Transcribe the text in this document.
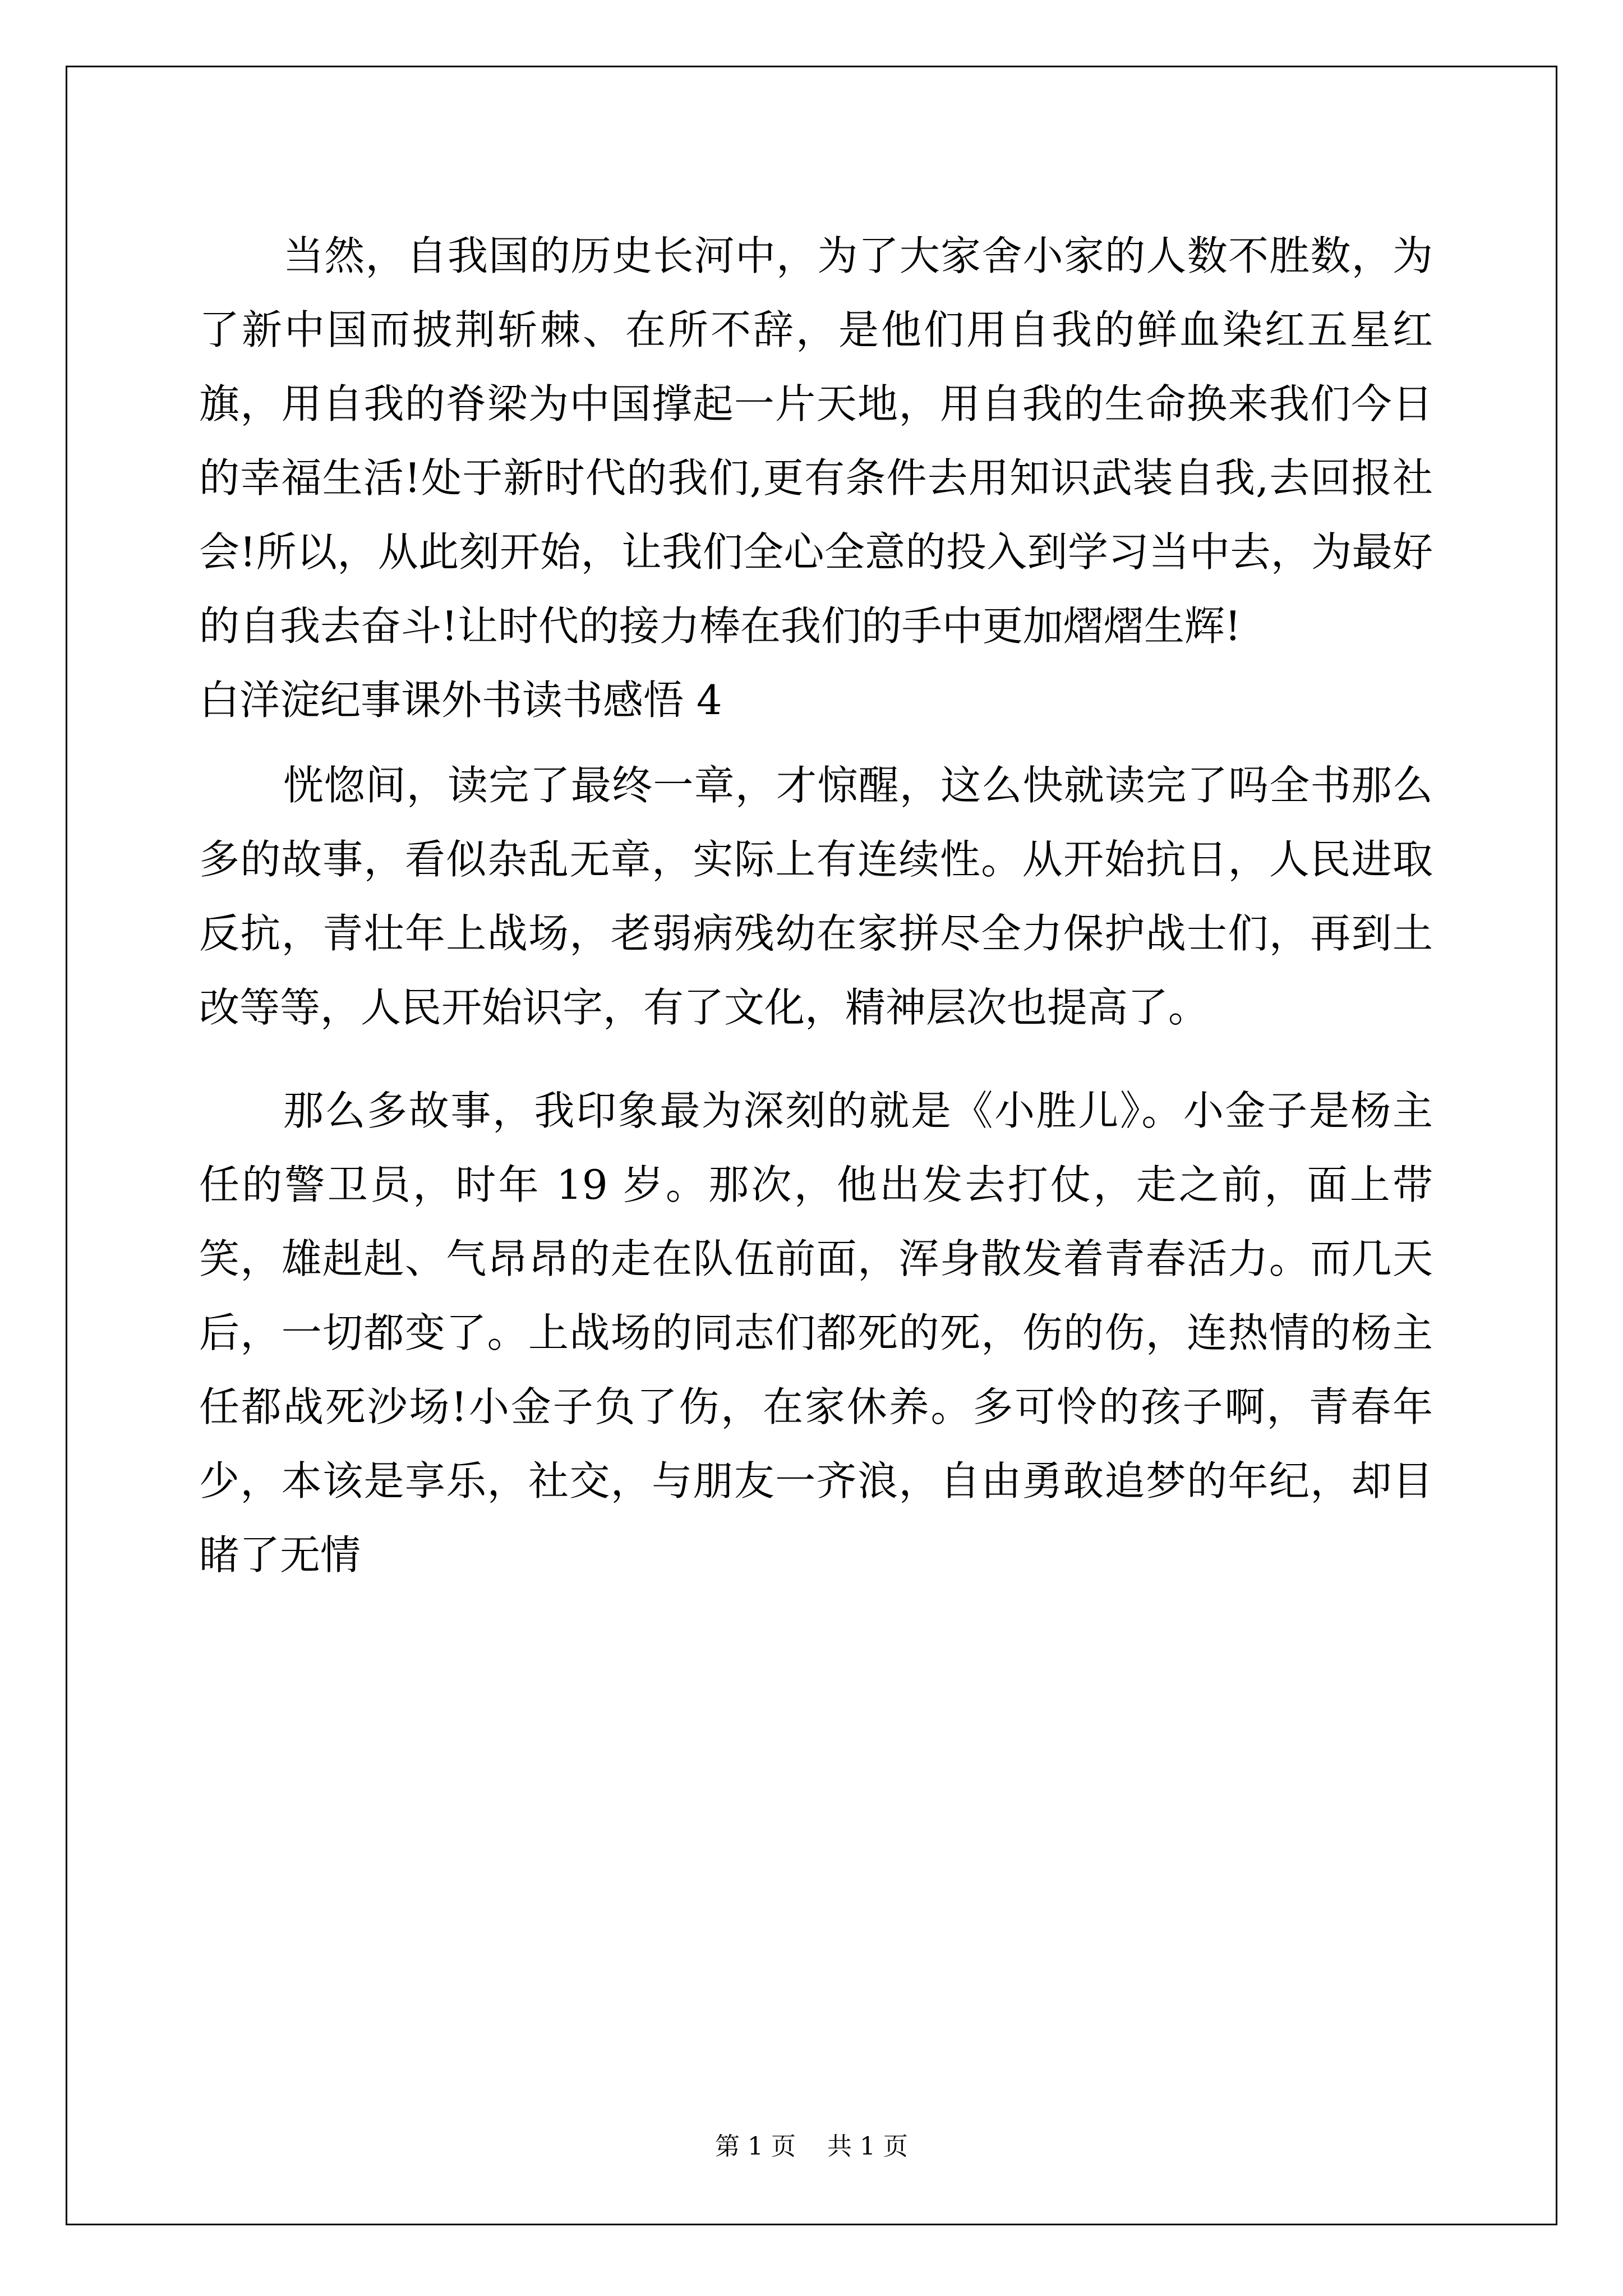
当然，自我国的历史长河中，为了大家舍小家的人数不胜数，为了新中国而披荆斩棘、在所不辞，是他们用自我的鲜血染红五星红旗，用自我的脊梁为中国撑起一片天地，用自我的生命换来我们今日的幸福生活!处于新时代的我们,更有条件去用知识武装自我,去回报社会!所以，从此刻开始，让我们全心全意的投入到学习当中去，为最好的自我去奋斗!让时代的接力棒在我们的手中更加熠熠生辉!

白洋淀纪事课外书读书感悟 4

恍惚间，读完了最终一章，才惊醒，这么快就读完了吗全书那么多的故事，看似杂乱无章，实际上有连续性。从开始抗日，人民进取反抗，青壮年上战场，老弱病残幼在家拼尽全力保护战士们，再到土改等等，人民开始识字，有了文化，精神层次也提高了。

那么多故事，我印象最为深刻的就是《小胜儿》。小金子是杨主任的警卫员，时年 19 岁。那次，他出发去打仗，走之前，面上带笑，雄赳赳、气昂昂的走在队伍前面，浑身散发着青春活力。而几天后，一切都变了。上战场的同志们都死的死，伤的伤，连热情的杨主任都战死沙场!小金子负了伤，在家休养。多可怜的孩子啊，青春年少，本该是享乐，社交，与朋友一齐浪，自由勇敢追梦的年纪，却目睹了无情

第 1 页    共 1 页
